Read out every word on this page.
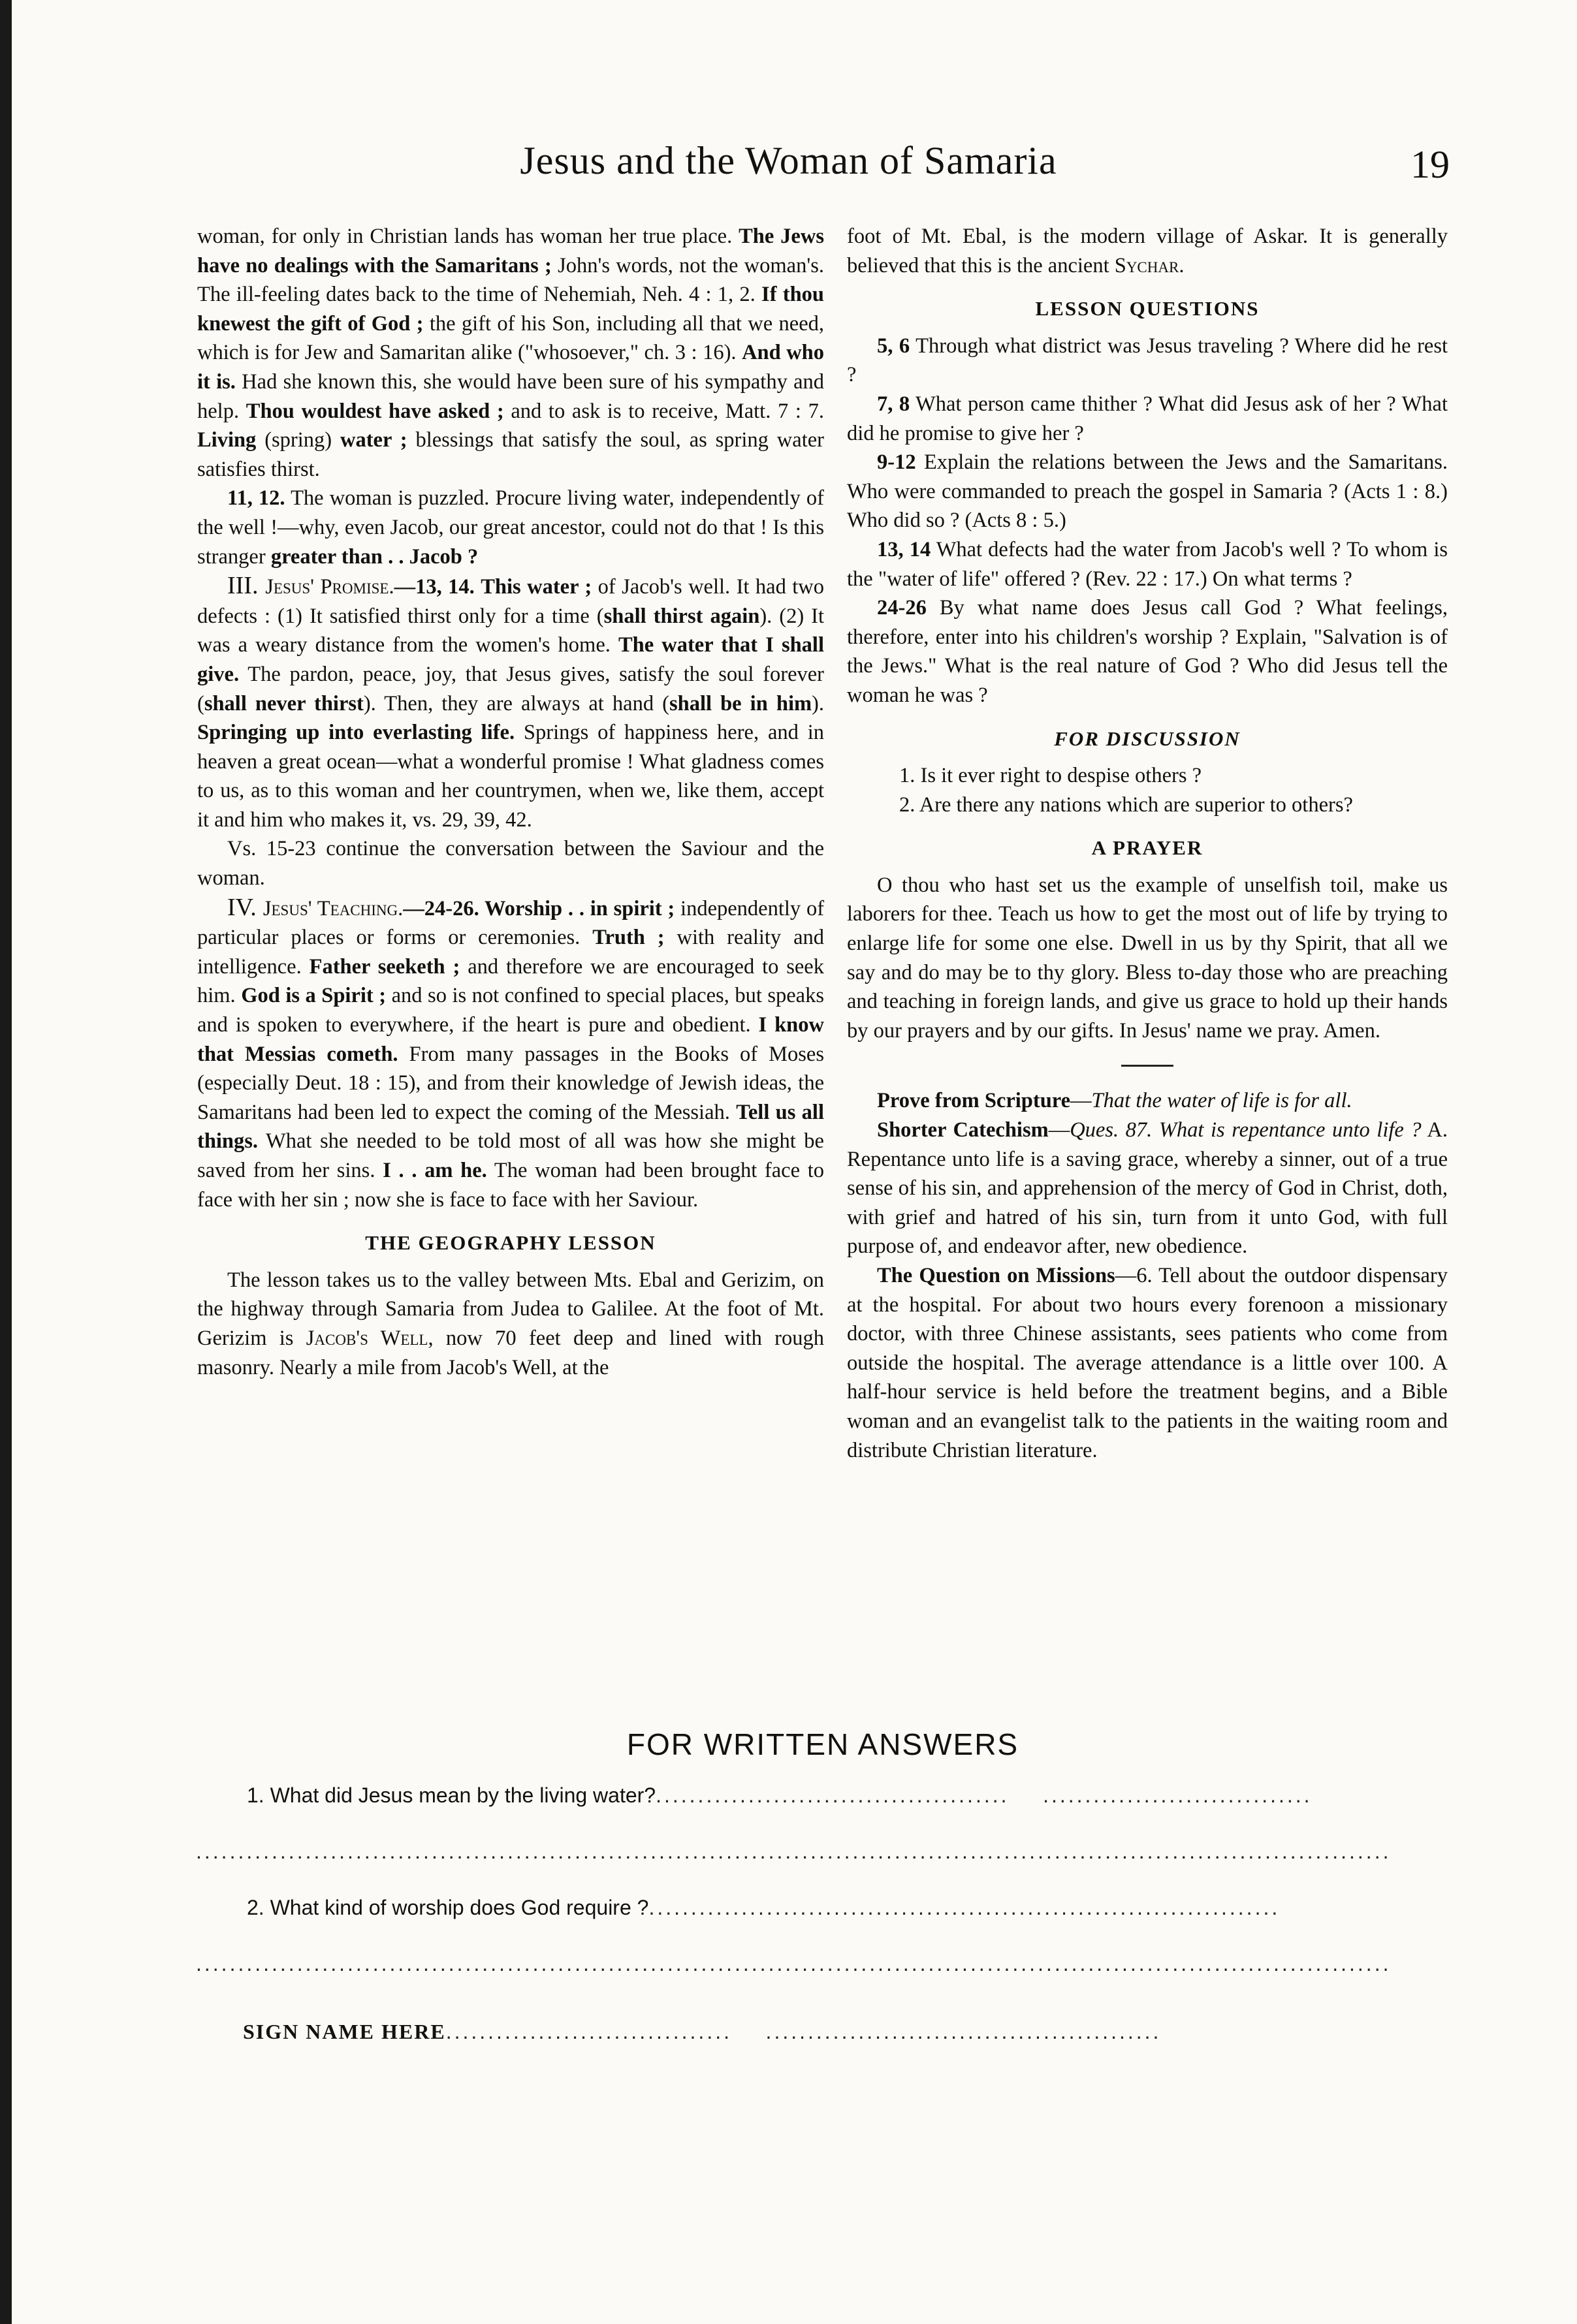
Jesus and the Woman of Samaria	19

woman, for only in Christian lands has woman her true place. The Jews have no dealings with the Samaritans ; John's words, not the woman's. The ill-feeling dates back to the time of Nehemiah, Neh. 4 : 1, 2. If thou knewest the gift of God ; the gift of his Son, including all that we need, which is for Jew and Samaritan alike ("whosoever," ch. 3 : 16). And who it is. Had she known this, she would have been sure of his sympathy and help. Thou wouldest have asked ; and to ask is to receive, Matt. 7 : 7. Living (spring) water ; blessings that satisfy the soul, as spring water satisfies thirst.

11, 12. The woman is puzzled. Procure living water, independently of the well !—why, even Jacob, our great ancestor, could not do that ! Is this stranger greater than . . Jacob ?

III. Jesus' Promise.—13, 14. This water ; of Jacob's well. It had two defects : (1) It satisfied thirst only for a time (shall thirst again). (2) It was a weary distance from the women's home. The water that I shall give. The pardon, peace, joy, that Jesus gives, satisfy the soul forever (shall never thirst). Then, they are always at hand (shall be in him). Springing up into everlasting life. Springs of happiness here, and in heaven a great ocean—what a wonderful promise ! What gladness comes to us, as to this woman and her countrymen, when we, like them, accept it and him who makes it, vs. 29, 39, 42.

Vs. 15-23 continue the conversation between the Saviour and the woman.

IV. Jesus' Teaching.—24-26. Worship . . in spirit ; independently of particular places or forms or ceremonies. Truth ; with reality and intelligence. Father seeketh ; and therefore we are encouraged to seek him. God is a Spirit ; and so is not confined to special places, but speaks and is spoken to everywhere, if the heart is pure and obedient. I know that Messias cometh. From many passages in the Books of Moses (especially Deut. 18 : 15), and from their knowledge of Jewish ideas, the Samaritans had been led to expect the coming of the Messiah. Tell us all things. What she needed to be told most of all was how she might be saved from her sins. I . . am he. The woman had been brought face to face with her sin ; now she is face to face with her Saviour.

THE GEOGRAPHY LESSON

The lesson takes us to the valley between Mts. Ebal and Gerizim, on the highway through Samaria from Judea to Galilee. At the foot of Mt. Gerizim is Jacob's Well, now 70 feet deep and lined with rough masonry. Nearly a mile from Jacob's Well, at the

foot of Mt. Ebal, is the modern village of Askar. It is generally believed that this is the ancient Sychar.

LESSON QUESTIONS

5, 6 Through what district was Jesus traveling ? Where did he rest ?

7, 8 What person came thither ? What did Jesus ask of her ? What did he promise to give her ?

9-12 Explain the relations between the Jews and the Samaritans. Who were commanded to preach the gospel in Samaria ? (Acts 1 : 8.) Who did so ? (Acts 8 : 5.)

13, 14 What defects had the water from Jacob's well ? To whom is the "water of life" offered ? (Rev. 22 : 17.) On what terms ?

24-26 By what name does Jesus call God ? What feelings, therefore, enter into his children's worship ? Explain, "Salvation is of the Jews." What is the real nature of God ? Who did Jesus tell the woman he was ?

FOR DISCUSSION

1. Is it ever right to despise others ?

2. Are there any nations which are superior to others?

A PRAYER

O thou who hast set us the example of unselfish toil, make us laborers for thee. Teach us how to get the most out of life by trying to enlarge life for some one else. Dwell in us by thy Spirit, that all we say and do may be to thy glory. Bless to-day those who are preaching and teaching in foreign lands, and give us grace to hold up their hands by our prayers and by our gifts. In Jesus' name we pray. Amen.

Prove from Scripture—That the water of life is for all.

Shorter Catechism—Ques. 87. What is repentance unto life ? A. Repentance unto life is a saving grace, whereby a sinner, out of a true sense of his sin, and apprehension of the mercy of God in Christ, doth, with grief and hatred of his sin, turn from it unto God, with full purpose of, and endeavor after, new obedience.

The Question on Missions—6. Tell about the outdoor dispensary at the hospital. For about two hours every forenoon a missionary doctor, with three Chinese assistants, sees patients who come from outside the hospital. The average attendance is a little over 100. A half-hour service is held before the treatment begins, and a Bible woman and an evangelist talk to the patients in the waiting room and distribute Christian literature.

FOR WRITTEN ANSWERS
1. What did Jesus mean by the living water?..........................................    ................................
..............................................................................................................................................
2. What kind of worship does God require ?...........................................................................
..............................................................................................................................................
SIGN NAME HERE..................................    ...............................................
